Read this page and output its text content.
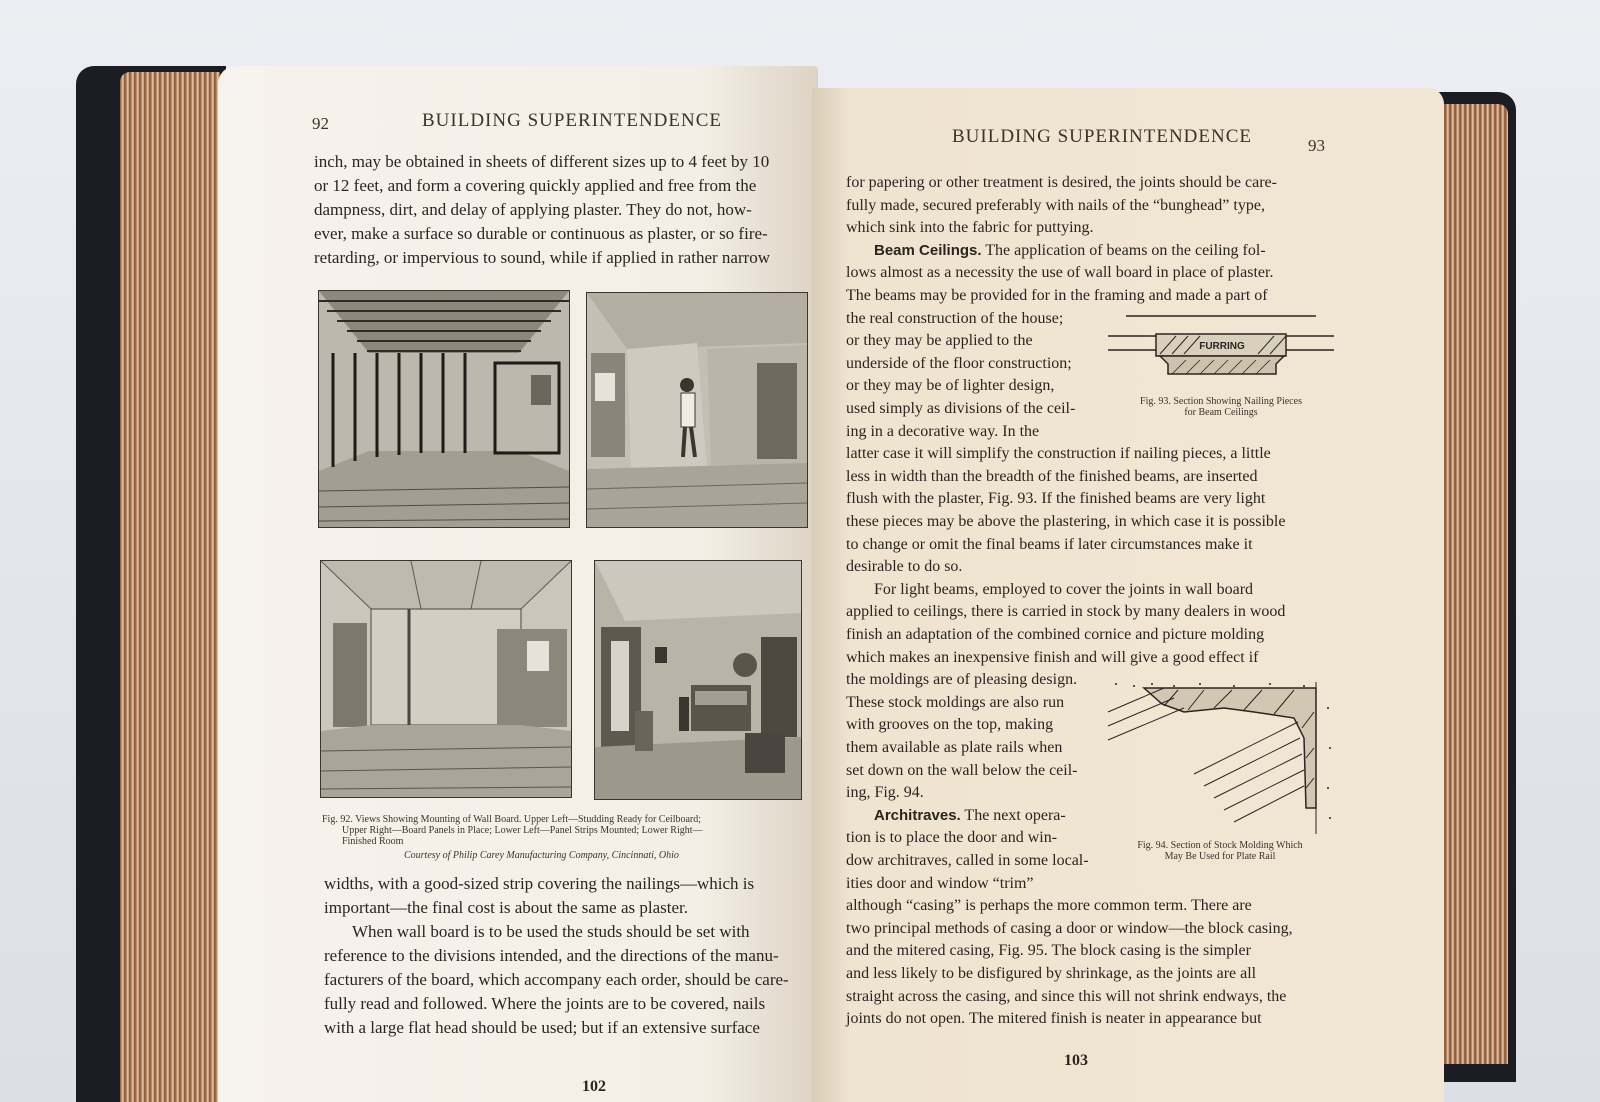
92	BUILDING SUPERINTENDENCE

inch, may be obtained in sheets of different sizes up to 4 feet by 10

or 12 feet, and form a covering quickly applied and free from the

dampness, dirt, and delay of applying plaster. They do not, how-

ever, make a surface so durable or continuous as plaster, or so fire-

retarding, or impervious to sound, while if applied in rather narrow

Fig. 92. Views Showing Mounting of Wall Board. Upper Left—Studding Ready for Ceilboard;

Upper Right—Board Panels in Place; Lower Left—Panel Strips Mounted; Lower Right—

Finished Room

Courtesy of Philip Carey Manufacturing Company, Cincinnati, Ohio

widths, with a good-sized strip covering the nailings—which is

important—the final cost is about the same as plaster.

When wall board is to be used the studs should be set with

reference to the divisions intended, and the directions of the manu-

facturers of the board, which accompany each order, should be care-

fully read and followed. Where the joints are to be covered, nails

with a large flat head should be used; but if an extensive surface

102
BUILDING SUPERINTENDENCE	93

for papering or other treatment is desired, the joints should be care-

fully made, secured preferably with nails of the “bunghead” type,

which sink into the fabric for puttying.

Beam Ceilings. The application of beams on the ceiling fol-

lows almost as a necessity the use of wall board in place of plaster.

The beams may be provided for in the framing and made a part of

the real construction of the house;

or they may be applied to the

underside of the floor construction;

or they may be of lighter design,

used simply as divisions of the ceil-

ing in a decorative way. In the

latter case it will simplify the construction if nailing pieces, a little

less in width than the breadth of the finished beams, are inserted

flush with the plaster, Fig. 93. If the finished beams are very light

these pieces may be above the plastering, in which case it is possible

to change or omit the final beams if later circumstances make it

desirable to do so.

For light beams, employed to cover the joints in wall board

applied to ceilings, there is carried in stock by many dealers in wood

finish an adaptation of the combined cornice and picture molding

which makes an inexpensive finish and will give a good effect if

the moldings are of pleasing design.

These stock moldings are also run

with grooves on the top, making

them available as plate rails when

set down on the wall below the ceil-

ing, Fig. 94.

Architraves. The next opera-

tion is to place the door and win-

dow architraves, called in some local-

ities door and window “trim”

although “casing” is perhaps the more common term. There are

two principal methods of casing a door or window—the block casing,

and the mitered casing, Fig. 95. The block casing is the simpler

and less likely to be disfigured by shrinkage, as the joints are all

straight across the casing, and since this will not shrink endways, the

joints do not open. The mitered finish is neater in appearance but

FURRING

Fig. 93. Section Showing Nailing Pieces

for Beam Ceilings

Fig. 94. Section of Stock Molding Which

May Be Used for Plate Rail

103
